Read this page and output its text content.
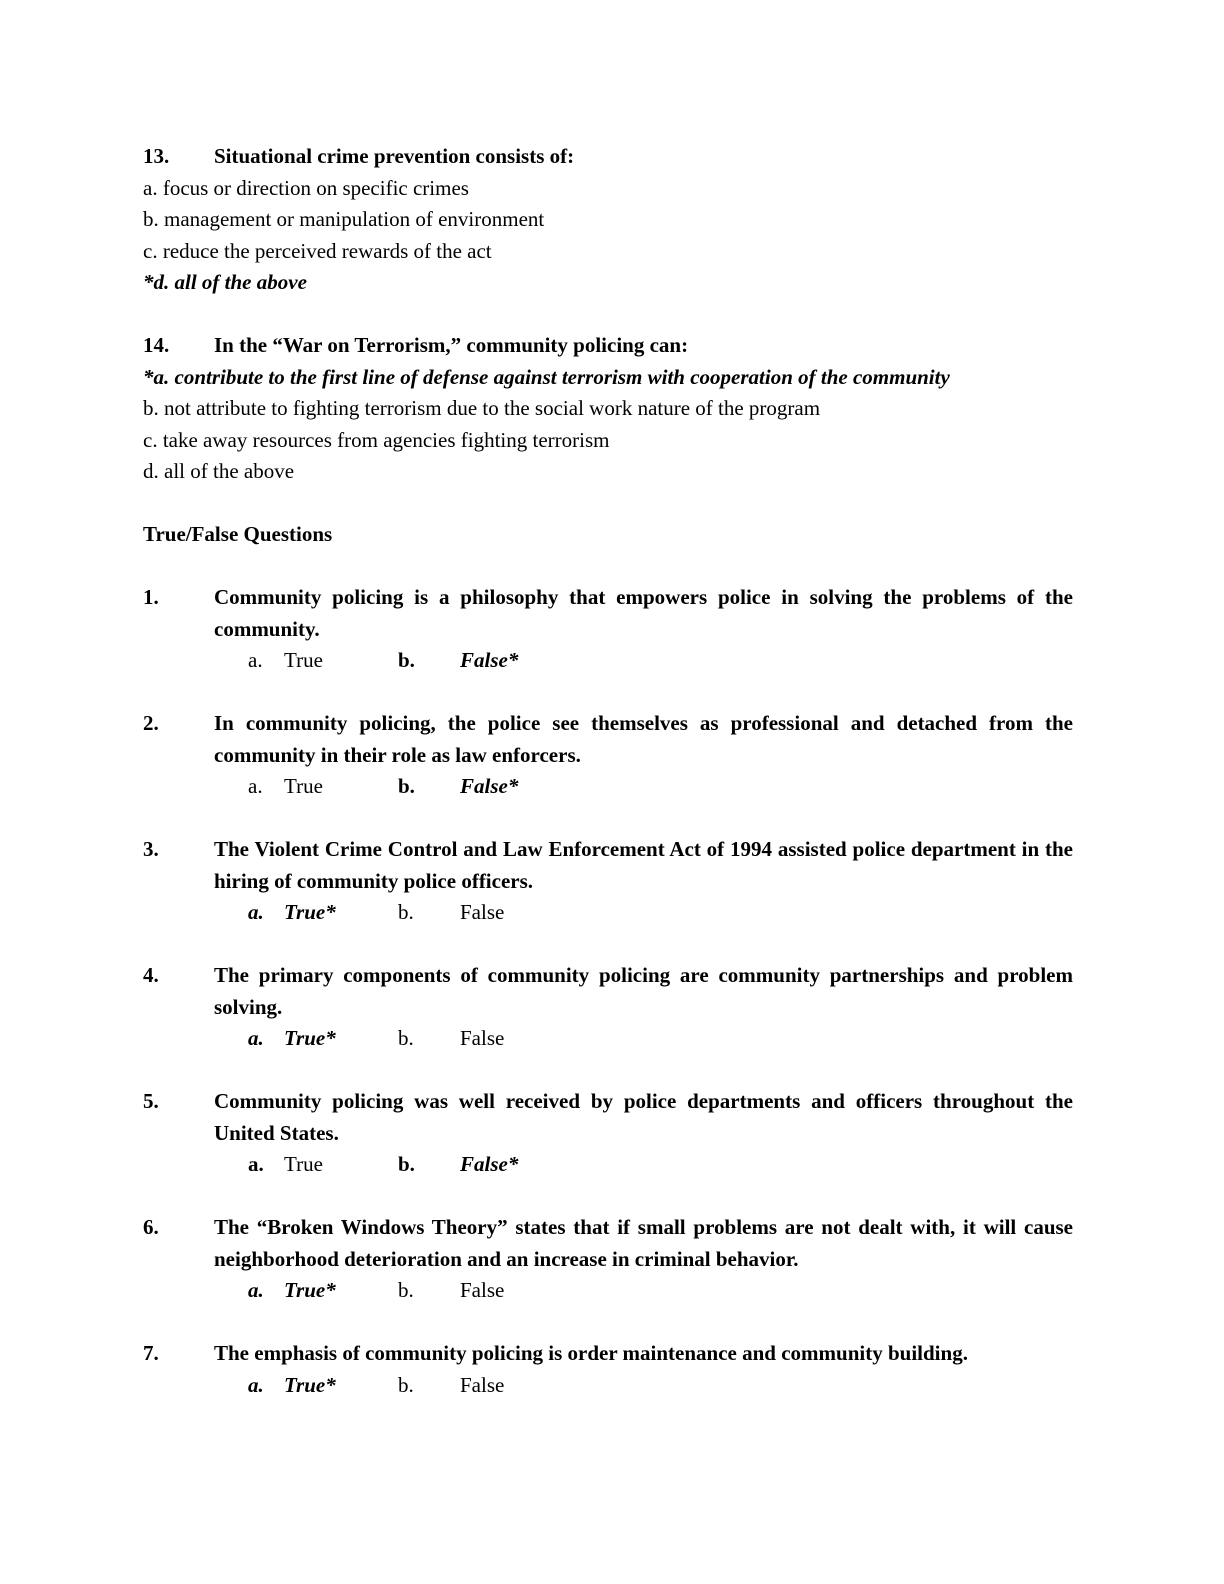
13.	Situational crime prevention consists of:
a. focus or direction on specific crimes
b. management or manipulation of environment
c. reduce the perceived rewards of the act
*d. all of the above
14.	In the “War on Terrorism,” community policing can:
*a. contribute to the first line of defense against terrorism with cooperation of the community
b. not attribute to fighting terrorism due to the social work nature of the program
c. take away resources from agencies fighting terrorism
d. all of the above
True/False Questions
1.	Community policing is a philosophy that empowers police in solving the problems of the community.
a.	True	b.	False*
2.	In community policing, the police see themselves as professional and detached from the community in their role as law enforcers.
a.	True	b.	False*
3.	The Violent Crime Control and Law Enforcement Act of 1994 assisted police department in the hiring of community police officers.
a. True*	b.	False
4.	The primary components of community policing are community partnerships and problem solving.
a. True*	b.	False
5.	Community policing was well received by police departments and officers throughout the United States.
a. True	b.	False*
6.	The “Broken Windows Theory” states that if small problems are not dealt with, it will cause neighborhood deterioration and an increase in criminal behavior.
a. True*	b.	False
7.	The emphasis of community policing is order maintenance and community building.
a. True*	b.	False
